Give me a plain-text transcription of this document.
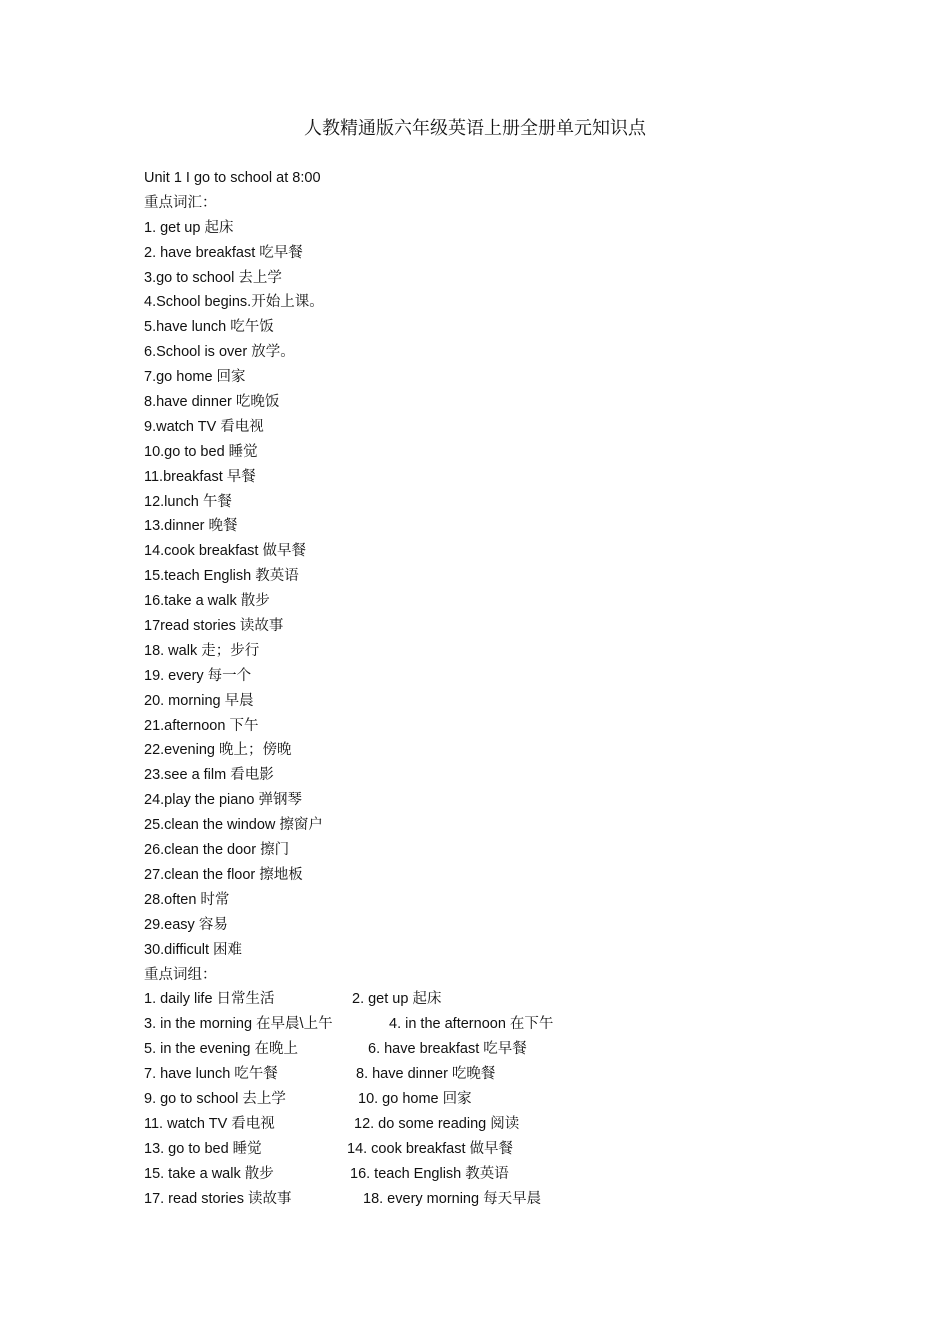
人教精通版六年级英语上册全册单元知识点
Unit 1 I go to school at 8:00
重点词汇：
1. get up 起床
2. have breakfast 吃早餐
3.go to school 去上学
4.School begins.开始上课。
5.have lunch 吃午饭
6.School is over 放学。
7.go home 回家
8.have dinner 吃晚饭
9.watch TV 看电视
10.go to bed 睡觉
11.breakfast 早餐
12.lunch 午餐
13.dinner 晚餐
14.cook breakfast 做早餐
15.teach English 教英语
16.take a walk 散步
17read stories 读故事
18. walk 走；步行
19. every 每一个
20. morning 早晨
21.afternoon 下午
22.evening 晚上；傍晚
23.see a film 看电影
24.play the piano 弹钢琴
25.clean the window 擦窗户
26.clean the door 擦门
27.clean the floor 擦地板
28.often 时常
29.easy 容易
30.difficult 困难
重点词组：
1. daily life 日常生活	2. get up 起床
3. in the morning 在早晨\上午	4. in the afternoon 在下午
5. in the evening 在晚上	6. have breakfast 吃早餐
7. have lunch 吃午餐	8. have dinner 吃晚餐
9. go to school 去上学	10. go home 回家
11. watch TV 看电视	12. do some reading 阅读
13. go to bed 睡觉	14. cook breakfast 做早餐
15. take a walk 散步	16. teach English 教英语
17. read stories 读故事	18. every morning 每天早晨
